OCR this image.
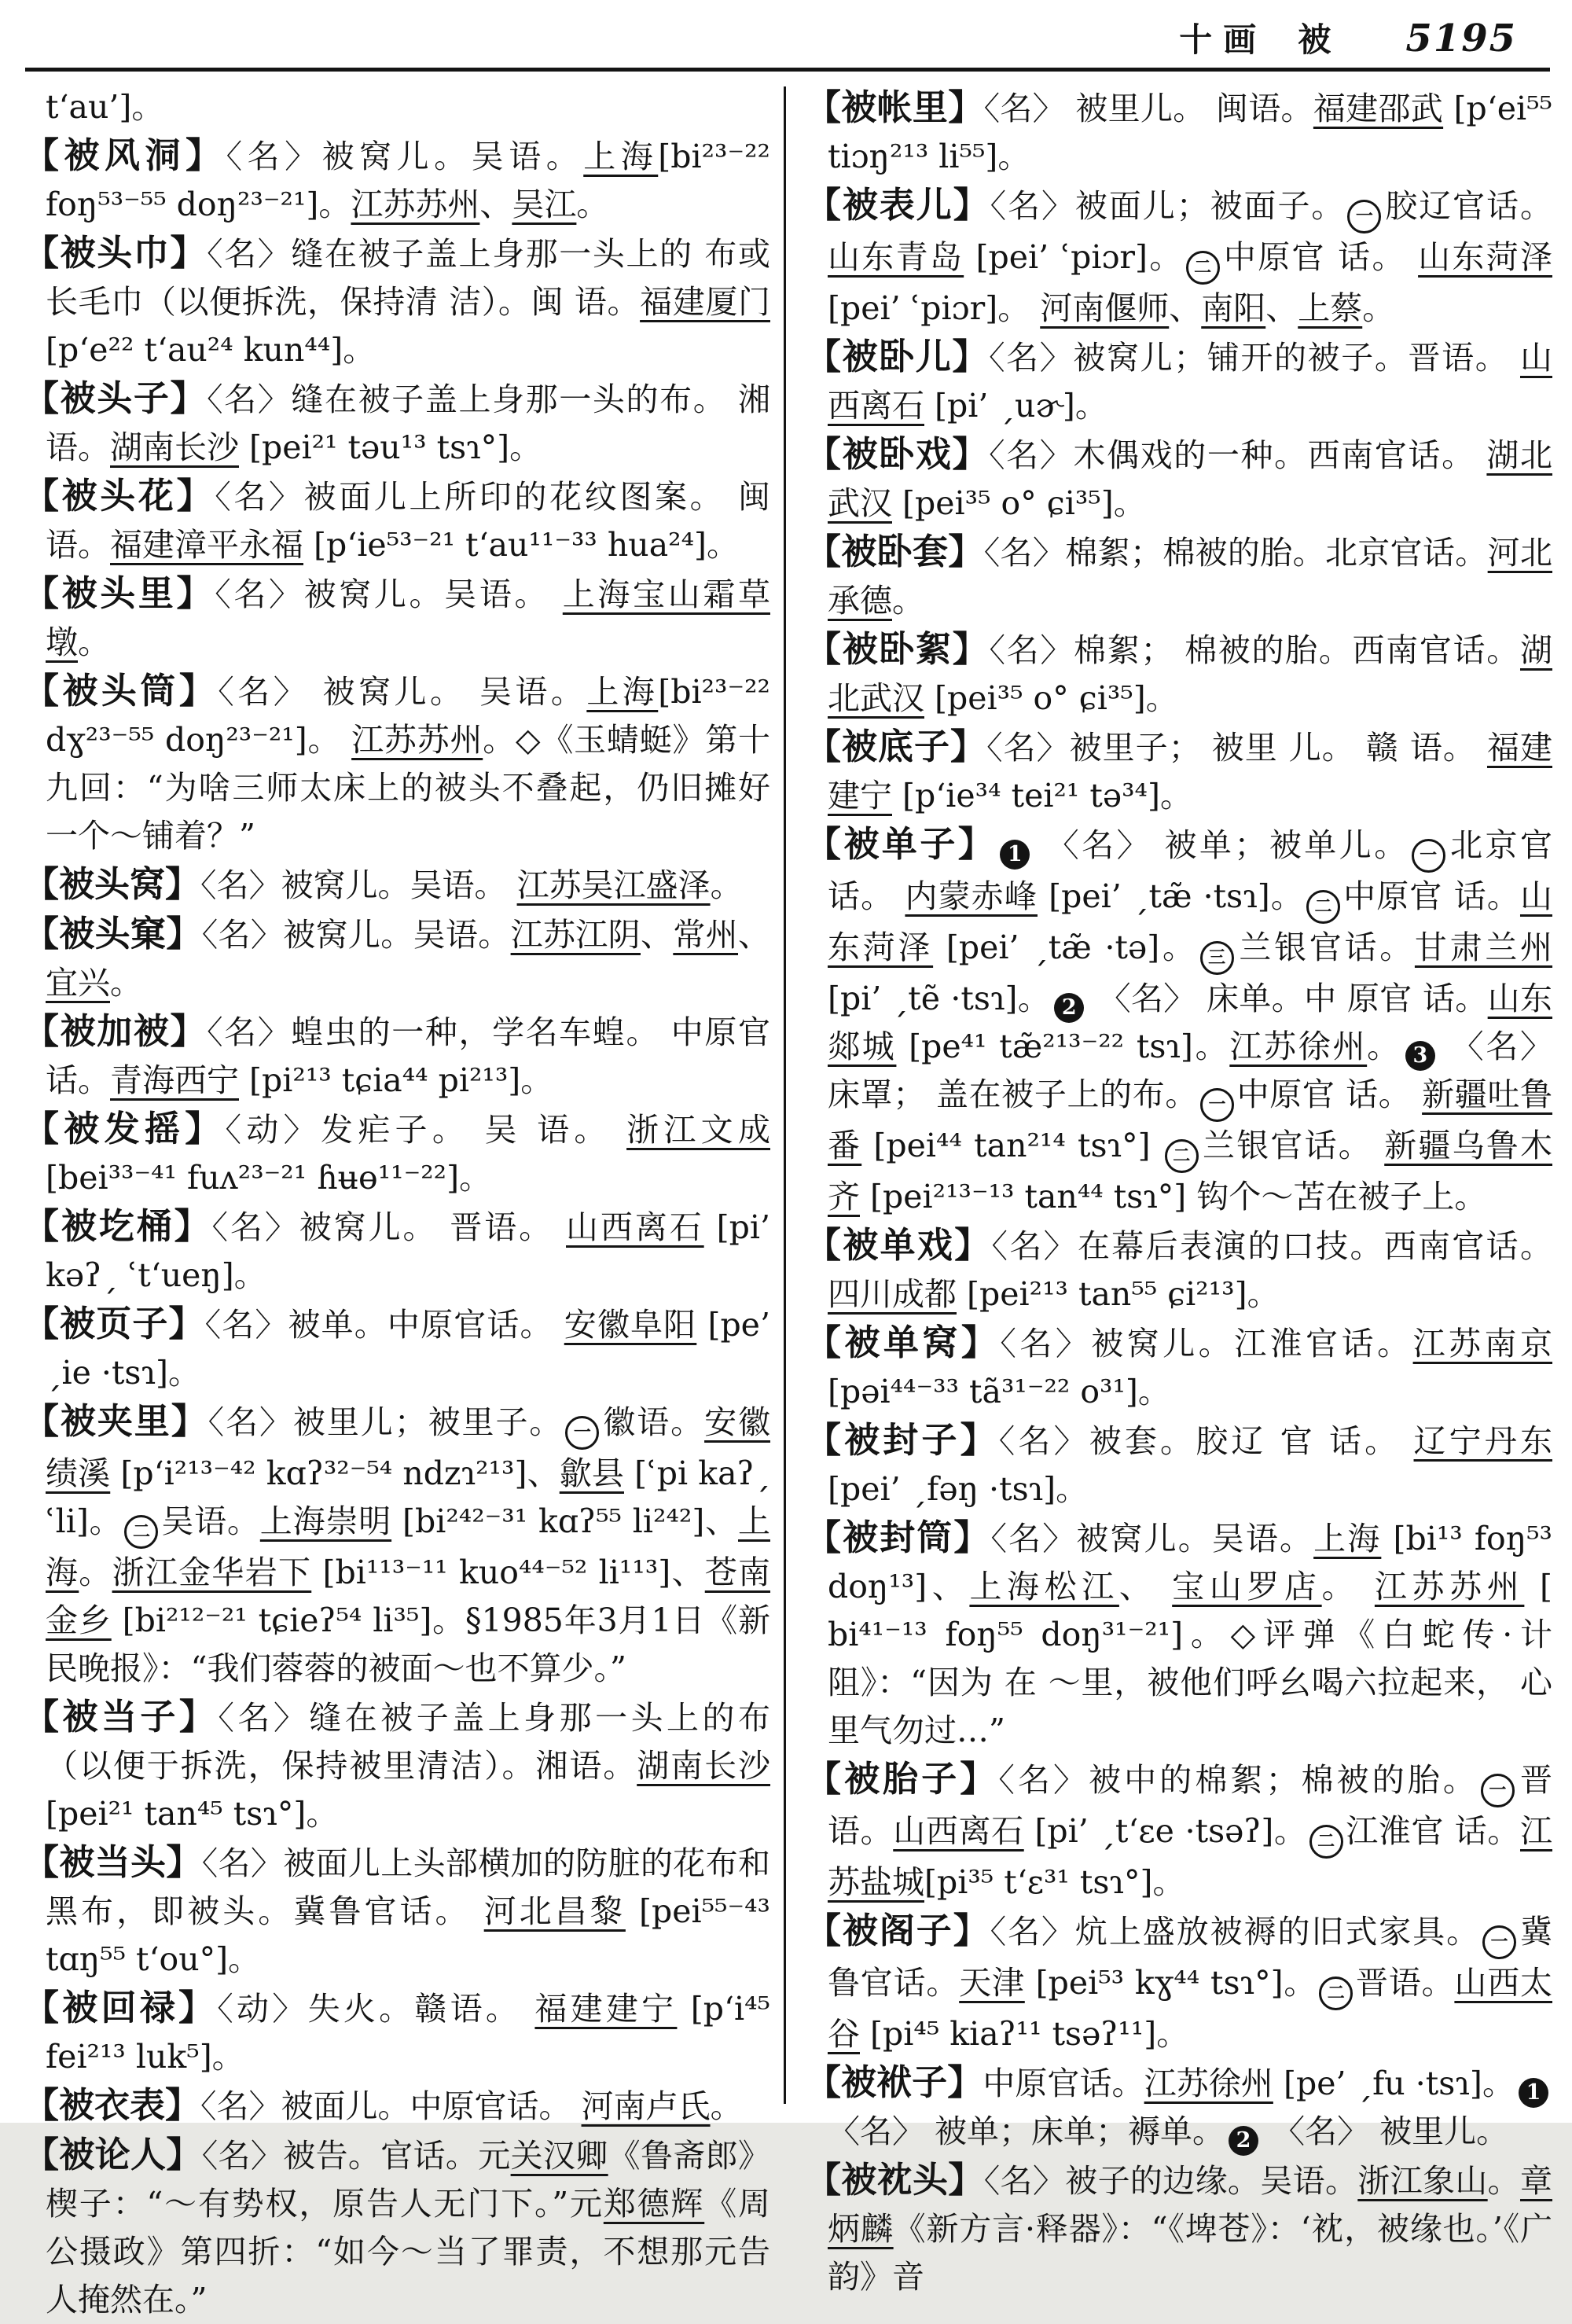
十画 被 5195

t‘au’]。

【被风洞】〈名〉被窝儿。吴语。上海[bi²³⁻²² foŋ⁵³⁻⁵⁵ doŋ²³⁻²¹]。江苏苏州、吴江。

【被头巾】〈名〉缝在被子盖上身那一头上的 布或长毛巾（以便拆洗，保持清 洁）。闽 语。福建厦门 [p‘e²² t‘au²⁴ kun⁴⁴]。

【被头子】〈名〉缝在被子盖上身那一头的布。 湘语。湖南长沙 [pei²¹ təu¹³ tsɿ°]。

【被头花】〈名〉被面儿上所印的花纹图案。 闽语。福建漳平永福 [p‘ie⁵³⁻²¹ t‘au¹¹⁻³³ hua²⁴]。

【被头里】〈名〉被窝儿。吴语。 上海宝山霜草墩。

【被头筒】〈名〉 被窝儿。 吴语。上海[bi²³⁻²² dɣ²³⁻⁵⁵ doŋ²³⁻²¹]。 江苏苏州。◇《玉蜻蜓》第十九回：“为啥三师太床上的被头不叠起，仍旧摊好一个～铺着？”

【被头窝】〈名〉被窝儿。吴语。 江苏吴江盛泽。

【被头窠】〈名〉被窝儿。吴语。江苏江阴、常州、宜兴。

【被加被】〈名〉蝗虫的一种，学名车蝗。 中原官话。青海西宁 [pi²¹³ tɕia⁴⁴ pi²¹³]。

【被发摇】〈动〉发疟子。 吴 语。 浙江文成 [bei³³⁻⁴¹ fuʌ²³⁻²¹ ɦʉɵ¹¹⁻²²]。

【被圪桶】〈名〉被窝儿。 晋语。 山西离石 [pi’ kəʔˏ ʿt‘ueŋ]。

【被页子】〈名〉被单。中原官话。 安徽阜阳 [pe’ ˏie ·tsɿ]。

【被夹里】〈名〉被里儿；被里子。 一 徽语。安徽绩溪 [p‘i²¹³⁻⁴² kɑʔ³²⁻⁵⁴ ndzɿ²¹³]、歙县 [ʿpi kaʔˏ ʿli]。 二 吴语。上海崇明 [bi²⁴²⁻³¹ kɑʔ⁵⁵ li²⁴²]、上海。浙江金华岩下 [bi¹¹³⁻¹¹ kuo⁴⁴⁻⁵² li¹¹³]、苍南金乡 [bi²¹²⁻²¹ tɕieʔ⁵⁴ li³⁵]。§1985年3月1日《新民晚报》：“我们蓉蓉的被面～也不算少。”

【被当子】〈名〉缝在被子盖上身那一头上的布 （以便于拆洗，保持被里清洁）。湘语。湖南长沙 [pei²¹ tan⁴⁵ tsɿ°]。

【被当头】〈名〉被面儿上头部横加的防脏的花布和黑布，即被头。冀鲁官话。 河北昌黎 [pei⁵⁵⁻⁴³ tɑŋ⁵⁵ t‘ou°]。

【被回禄】〈动〉失火。赣语。 福建建宁 [p‘i⁴⁵ fei²¹³ luk⁵]。

【被衣表】〈名〉被面儿。中原官话。 河南卢氏。

【被论人】〈名〉被告。官话。元关汉卿《鲁斋郎》楔子：“～有势权，原告人无门下。”元郑德辉《周公摄政》第四折：“如今～当了罪责，不想那元告人掩然在。”

【被帐里】〈名〉 被里儿。 闽语。福建邵武 [p‘ei⁵⁵ tiɔŋ²¹³ li⁵⁵]。

【被表儿】〈名〉被面儿；被面子。 一 胶辽官话。 山东青岛 [pei’ ʿpiɔr]。 二 中原官 话。 山东菏泽 [pei’ ʿpiɔr]。 河南偃师、南阳、上蔡。

【被卧儿】〈名〉被窝儿；铺开的被子。晋语。 山西离石 [pi’ ˏuɚ]。

【被卧戏】〈名〉木偶戏的一种。西南官话。 湖北武汉 [pei³⁵ o° ɕi³⁵]。

【被卧套】〈名〉棉絮；棉被的胎。北京官话。河北承德。

【被卧絮】〈名〉棉絮； 棉被的胎。西南官话。湖北武汉 [pei³⁵ o° ɕi³⁵]。

【被底子】〈名〉被里子； 被里 儿。 赣 语。 福建建宁 [p‘ie³⁴ tei²¹ tə³⁴]。

【被单子】 1 〈名〉 被单；被单儿。 一 北京官话。 内蒙赤峰 [pei’ ˏtæ̃ ·tsɿ]。 二 中原官 话。山东菏泽 [pei’ ˏtæ̃ ·tə]。 三 兰银官话。甘肃兰州 [pi’ ˏtẽ ·tsɿ]。 2 〈名〉 床单。中 原官 话。山东郯城 [pe⁴¹ tæ̃²¹³⁻²² tsɿ]。江苏徐州。 3 〈名〉 床罩； 盖在被子上的布。 一 中原官 话。 新疆吐鲁番 [pei⁴⁴ tan²¹⁴ tsɿ°] 二 兰银官话。 新疆乌鲁木齐 [pei²¹³⁻¹³ tan⁴⁴ tsɿ°] 钩个～苫在被子上。

【被单戏】〈名〉在幕后表演的口技。西南官话。 四川成都 [pei²¹³ tan⁵⁵ ɕi²¹³]。

【被单窝】〈名〉被窝儿。江淮官话。江苏南京[pəi⁴⁴⁻³³ tã³¹⁻²² o³¹]。

【被封子】〈名〉被套。胶辽 官 话。 辽宁丹东 [pei’ ˏfəŋ ·tsɿ]。

【被封筒】〈名〉被窝儿。吴语。上海 [bi¹³ foŋ⁵³ doŋ¹³]、上海松江、 宝山罗店。 江苏苏州 [ bi⁴¹⁻¹³ foŋ⁵⁵ doŋ³¹⁻²¹]。◇评弹《白蛇传·计阻》：“因为 在 ～里，被他们呼幺喝六拉起来， 心里气勿过…”

【被胎子】〈名〉被中的棉絮；棉被的胎。 一 晋语。山西离石 [pi’ ˏt‘ɛe ·tsəʔ]。 二 江淮官 话。江苏盐城[pi³⁵ t‘ɛ³¹ tsɿ°]。

【被阁子】〈名〉炕上盛放被褥的旧式家具。 一 冀 鲁官话。天津 [pei⁵³ kɣ⁴⁴ tsɿ°]。 二 晋语。山西太谷 [pi⁴⁵ kiaʔ¹¹ tsəʔ¹¹]。

【被袱子】中原官话。江苏徐州 [pe’ ˏfu ·tsɿ]。 1 〈名〉 被单；床单；褥单。 2 〈名〉 被里儿。

【被衴头】〈名〉被子的边缘。吴语。浙江象山。章炳麟《新方言·释器》：“《埤苍》：‘衴，被缘也。’《广韵》音
